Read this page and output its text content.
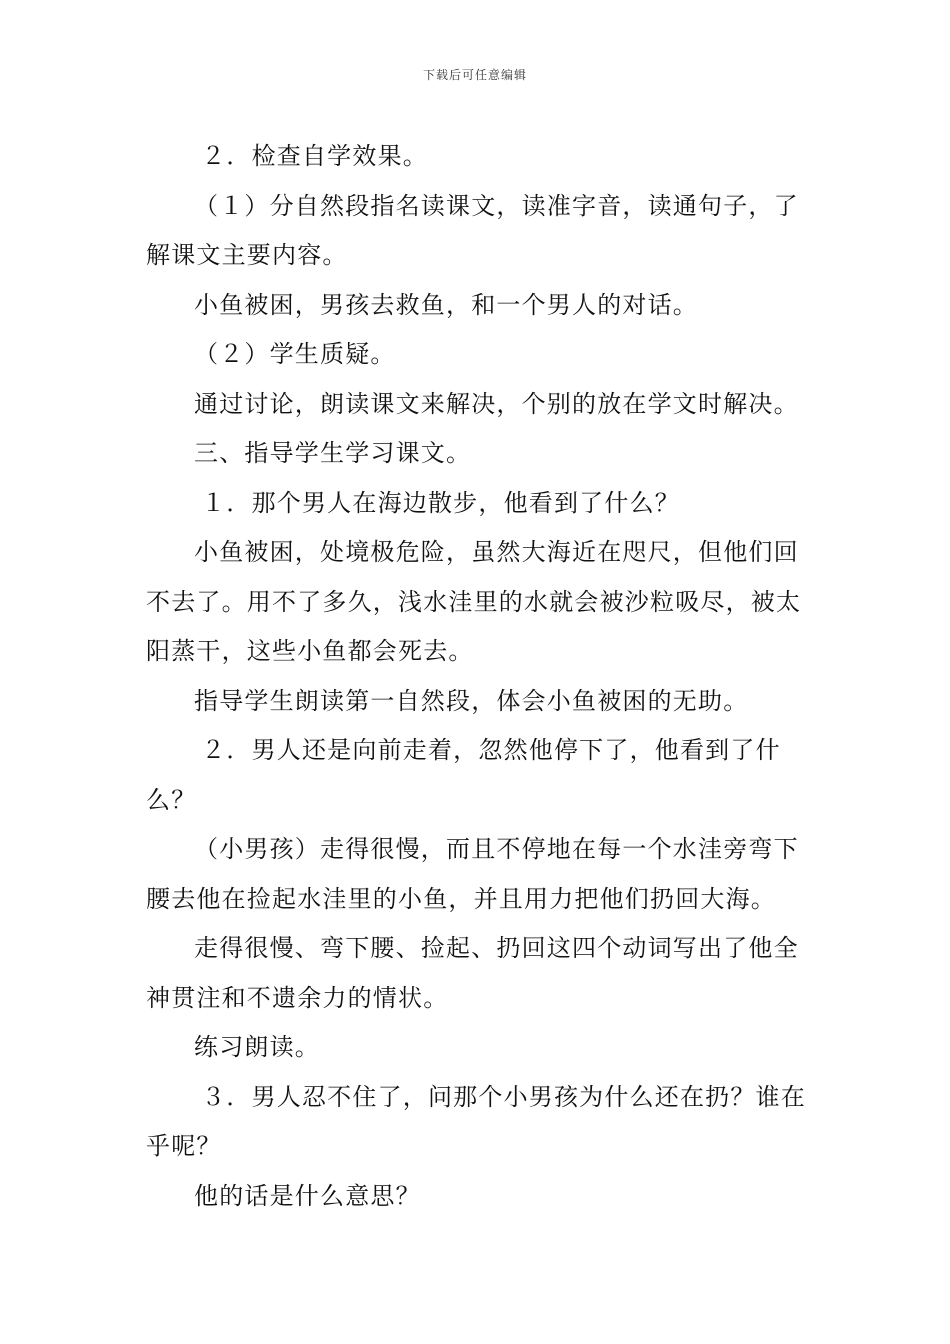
下载后可任意编辑

２．检查自学效果。

（１）分自然段指名读课文，读准字音，读通句子，了解课文主要内容。

小鱼被困，男孩去救鱼，和一个男人的对话。

（２）学生质疑。

通过讨论，朗读课文来解决，个别的放在学文时解决。

三、指导学生学习课文。

１．那个男人在海边散步，他看到了什么？

小鱼被困，处境极危险，虽然大海近在咫尺，但他们回不去了。用不了多久，浅水洼里的水就会被沙粒吸尽，被太阳蒸干，这些小鱼都会死去。

指导学生朗读第一自然段，体会小鱼被困的无助。

２．男人还是向前走着，忽然他停下了，他看到了什么？

（小男孩）走得很慢，而且不停地在每一个水洼旁弯下腰去他在捡起水洼里的小鱼，并且用力把他们扔回大海。

走得很慢、弯下腰、捡起、扔回这四个动词写出了他全神贯注和不遗余力的情状。

练习朗读。

３．男人忍不住了，问那个小男孩为什么还在扔？谁在乎呢？

他的话是什么意思？
